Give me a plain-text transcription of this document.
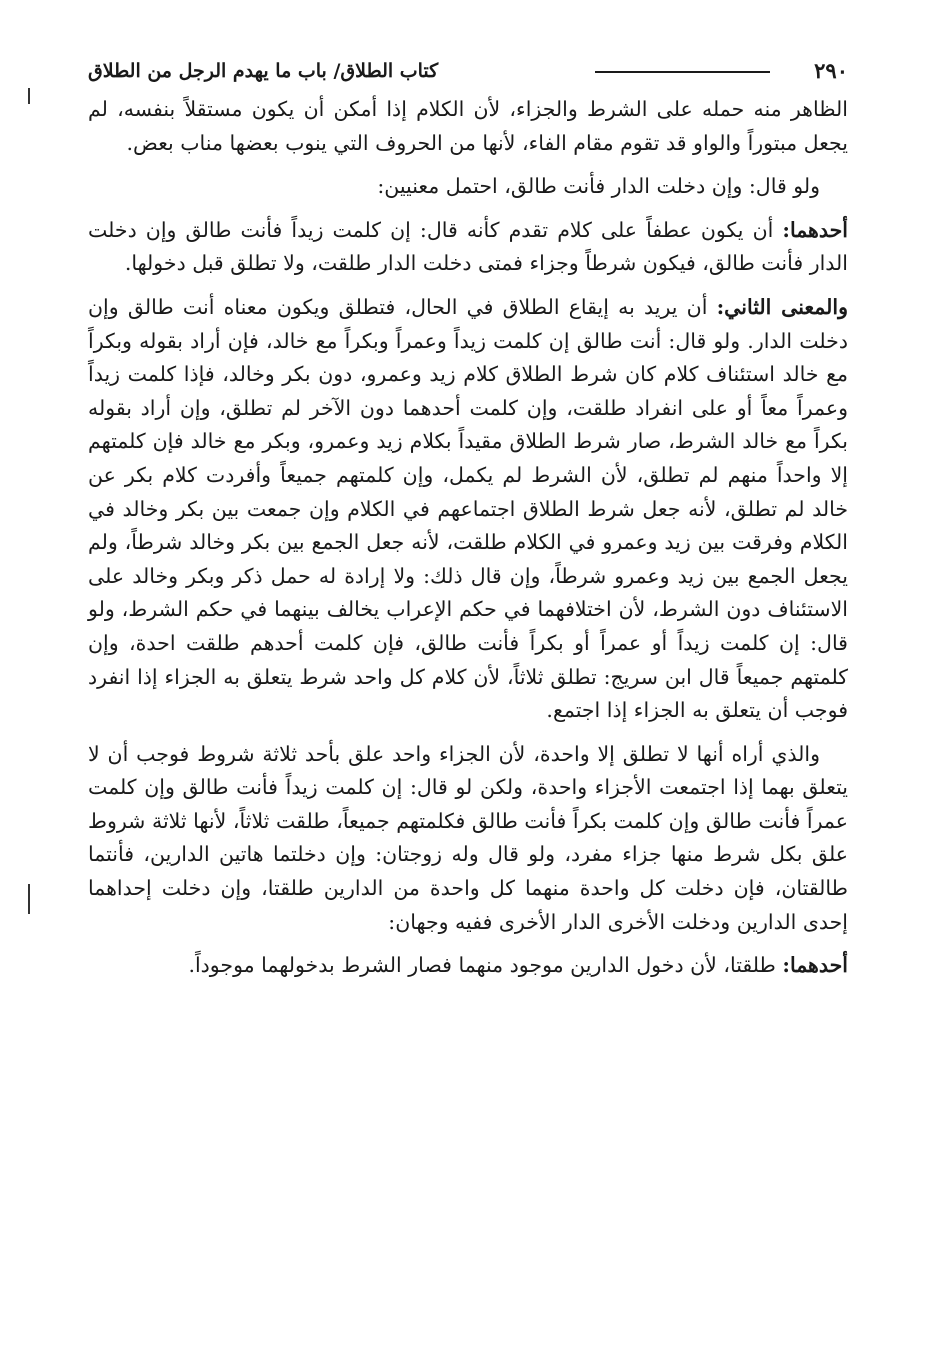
٢٩٠
كتاب الطلاق/ باب ما يهدم الرجل من الطلاق

الظاهر منه حمله على الشرط والجزاء، لأن الكلام إذا أمكن أن يكون مستقلاً بنفسه، لم يجعل مبتوراً والواو قد تقوم مقام الفاء، لأنها من الحروف التي ينوب بعضها مناب بعض.

ولو قال: وإن دخلت الدار فأنت طالق، احتمل معنيين:

أحدهما: أن يكون عطفاً على كلام تقدم كأنه قال: إن كلمت زيداً فأنت طالق وإن دخلت الدار فأنت طالق، فيكون شرطاً وجزاء فمتى دخلت الدار طلقت، ولا تطلق قبل دخولها.

والمعنى الثاني: أن يريد به إيقاع الطلاق في الحال، فتطلق ويكون معناه أنت طالق وإن دخلت الدار. ولو قال: أنت طالق إن كلمت زيداً وعمراً وبكراً مع خالد، فإن أراد بقوله وبكراً مع خالد استئناف كلام كان شرط الطلاق كلام زيد وعمرو، دون بكر وخالد، فإذا كلمت زيداً وعمراً معاً أو على انفراد طلقت، وإن كلمت أحدهما دون الآخر لم تطلق، وإن أراد بقوله بكراً مع خالد الشرط، صار شرط الطلاق مقيداً بكلام زيد وعمرو، وبكر مع خالد فإن كلمتهم إلا واحداً منهم لم تطلق، لأن الشرط لم يكمل، وإن كلمتهم جميعاً وأفردت كلام بكر عن خالد لم تطلق، لأنه جعل شرط الطلاق اجتماعهم في الكلام وإن جمعت بين بكر وخالد في الكلام وفرقت بين زيد وعمرو في الكلام طلقت، لأنه جعل الجمع بين بكر وخالد شرطاً، ولم يجعل الجمع بين زيد وعمرو شرطاً، وإن قال ذلك: ولا إرادة له حمل ذكر وبكر وخالد على الاستئناف دون الشرط، لأن اختلافهما في حكم الإعراب يخالف بينهما في حكم الشرط، ولو قال: إن كلمت زيداً أو عمراً أو بكراً فأنت طالق، فإن كلمت أحدهم طلقت احدة، وإن كلمتهم جميعاً قال ابن سريج: تطلق ثلاثاً، لأن كلام كل واحد شرط يتعلق به الجزاء إذا انفرد فوجب أن يتعلق به الجزاء إذا اجتمع.

والذي أراه أنها لا تطلق إلا واحدة، لأن الجزاء واحد علق بأحد ثلاثة شروط فوجب أن لا يتعلق بهما إذا اجتمعت الأجزاء واحدة، ولكن لو قال: إن كلمت زيداً فأنت طالق وإن كلمت عمراً فأنت طالق وإن كلمت بكراً فأنت طالق فكلمتهم جميعاً، طلقت ثلاثاً، لأنها ثلاثة شروط علق بكل شرط منها جزاء مفرد، ولو قال وله زوجتان: وإن دخلتما هاتين الدارين، فأنتما طالقتان، فإن دخلت كل واحدة منهما كل واحدة من الدارين طلقتا، وإن دخلت إحداهما إحدى الدارين ودخلت الأخرى الدار الأخرى ففيه وجهان:

أحدهما: طلقتا، لأن دخول الدارين موجود منهما فصار الشرط بدخولهما موجوداً.
